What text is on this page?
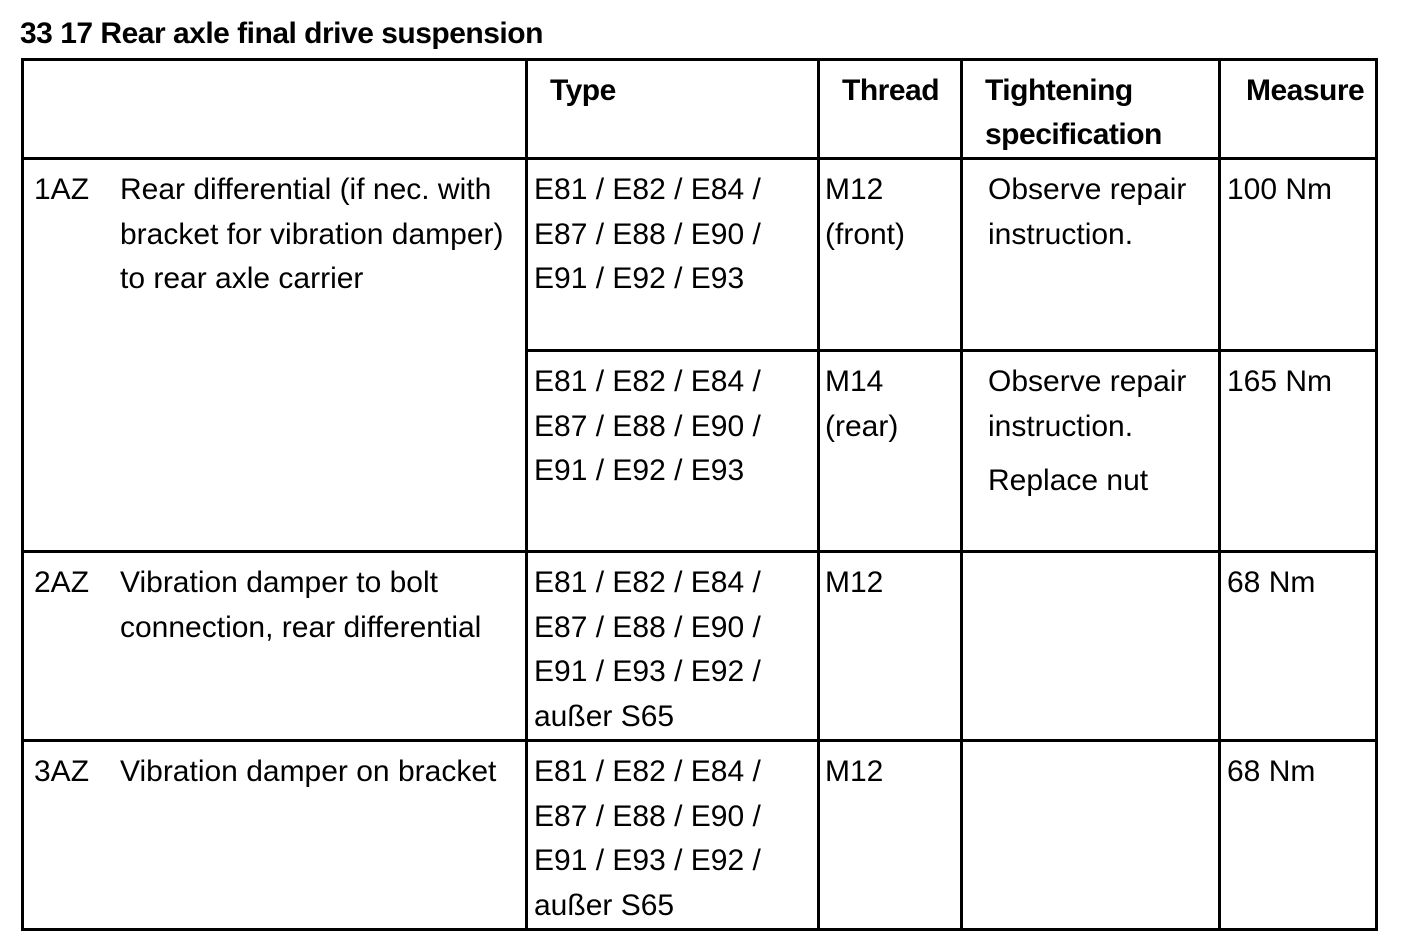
33 17 Rear axle final drive suspension

	Type	Thread	Tightening specification	Measure

1AZ Rear differential (if nec. with bracket for vibration damper) to rear axle carrier	E81 / E82 / E84 / E87 / E88 / E90 / E91 / E92 / E93	M12 (front)	Observe repair instruction.	100 Nm

	E81 / E82 / E84 / E87 / E88 / E90 / E91 / E92 / E93	M14 (rear)	Observe repair instruction.
Replace nut	165 Nm

2AZ Vibration damper to bolt connection, rear differential	E81 / E82 / E84 / E87 / E88 / E90 / E91 / E93 / E92 / außer S65	M12		68 Nm

3AZ Vibration damper on bracket	E81 / E82 / E84 / E87 / E88 / E90 / E91 / E93 / E92 / außer S65	M12		68 Nm
